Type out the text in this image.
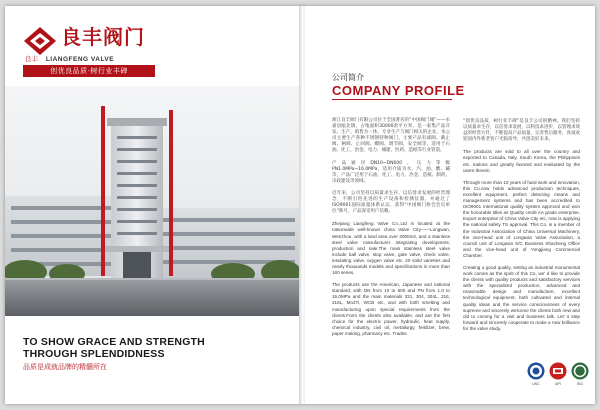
良丰阀门
良丰 LIANGFENG VALVE
创优良品质·树行业丰碑
TO SHOW GRACE AND STRENGTH THROUGH SPLENDIDNESS
品质是成就品牌的精髓所在
公司简介
COMPANY PROFILE

浙江良丰阀门有限公司位于全国著名的“中国阀门城”——永嘉县瓯北镇，占地面积30000余平方米，是一家集产品开发、生产、销售为一体，专业生产与阀门相关的企业。本公司主要生产各种不锈钢特种阀门，主要产品有球阀、截止阀、闸阀、止回阀、蝶阀、调节阀、安全阀等，适用于石油、化工、冶金、电力、城建、医药、造纸等行业管道。

产品通径DN10~DN600，压力等级PN1.0MPa~16.0MPa，适用介质为水、汽、油、酸、碱等，产品广泛用于石油、化工、电力、冶金、造纸、制药、市政建设等领域。

近年来，公司坚持以质量求生存、以信誉求发展的经营理念，不断引进先进的生产设备和检测仪器，并通过了ISO9001国际质量体系认证，获得“中国阀门协会会员单位”称号，产品深受用户信赖。

Zhejiang Liangfeng Valve Co.,Ltd is located at the nationwide well-known china Valve City——Longwan, Wenzhou, with a land area over 3000m2, and a stainless steel valve manufacturer integrating development, production and sale.The main stainless steel valve include ball valve, stop valve, gate valve, check valve, insulating valve, oxygen valve etc. 20 solid varieties and nearly thousands models and specifications in more than 160 series.

The products use the American, Japanese and national standard, with DN from 10 to 600 and PN from 1.0 to 16.0MPa and the main materials 321, 304, 304L, 316, 316L, Mo2Ti, WCB etc, and with both smelting and manufacturing upon special requirements from the clients.Form the clients also available, and are the first choice for the electric power, hydraulic, heat supply, chemical industry, civil oil, metallurgy, fertilizer, brew, paper making, pharmacy etc. Trades.

“创优良品质，树行业丰碑”是良丰公司的精神。我们坚持以质量求生存，以信誉求发展，以科技求进步，以管理求效益的经营方针，不断提高产品质量，完善售后服务，真诚欢迎国内外新老客户光临指导，共创美好未来。

The products are sold to all over the country and exported to Canada, Italy, South Korea, the Philippines etc. nations and greatly favored and evaluated by the users therein.

Through more than 10 years of hard work and innovation, this Co.now holds advanced production techniques, excellent equipment, perfect detecting means and management systems and has been accredited to ISO9001 international quality system approval and won the honorable titles as Quality credit AA grade enterprise, Export enterprise of China Valve City etc, now is applying the national safety TS approval. This Co. is a member of the Industrial Association of China Universal Machinery, the vice-head unit of Longwan Valve Association, a council unit of Longwan S/C Business Shacheng Office and the vice-head unit of Yongjiang Commercial Chamber.

Creating a good quality, setting an industrial monumental work comes as the spirit of this Co, we' d like to provide the clients with quality products and satisfactory services with the specialized production, advanced and reasonable design and manufacture, excellent technological equipment, both cultivated and internal quality ideas and the service consciousness of every supreme and sincerely welcome the clients both new and old to coming for a visit and business talk. Let' s step forward and sincerely cooperate to make a new brilliance for the valve study.

USC	API	ISO
